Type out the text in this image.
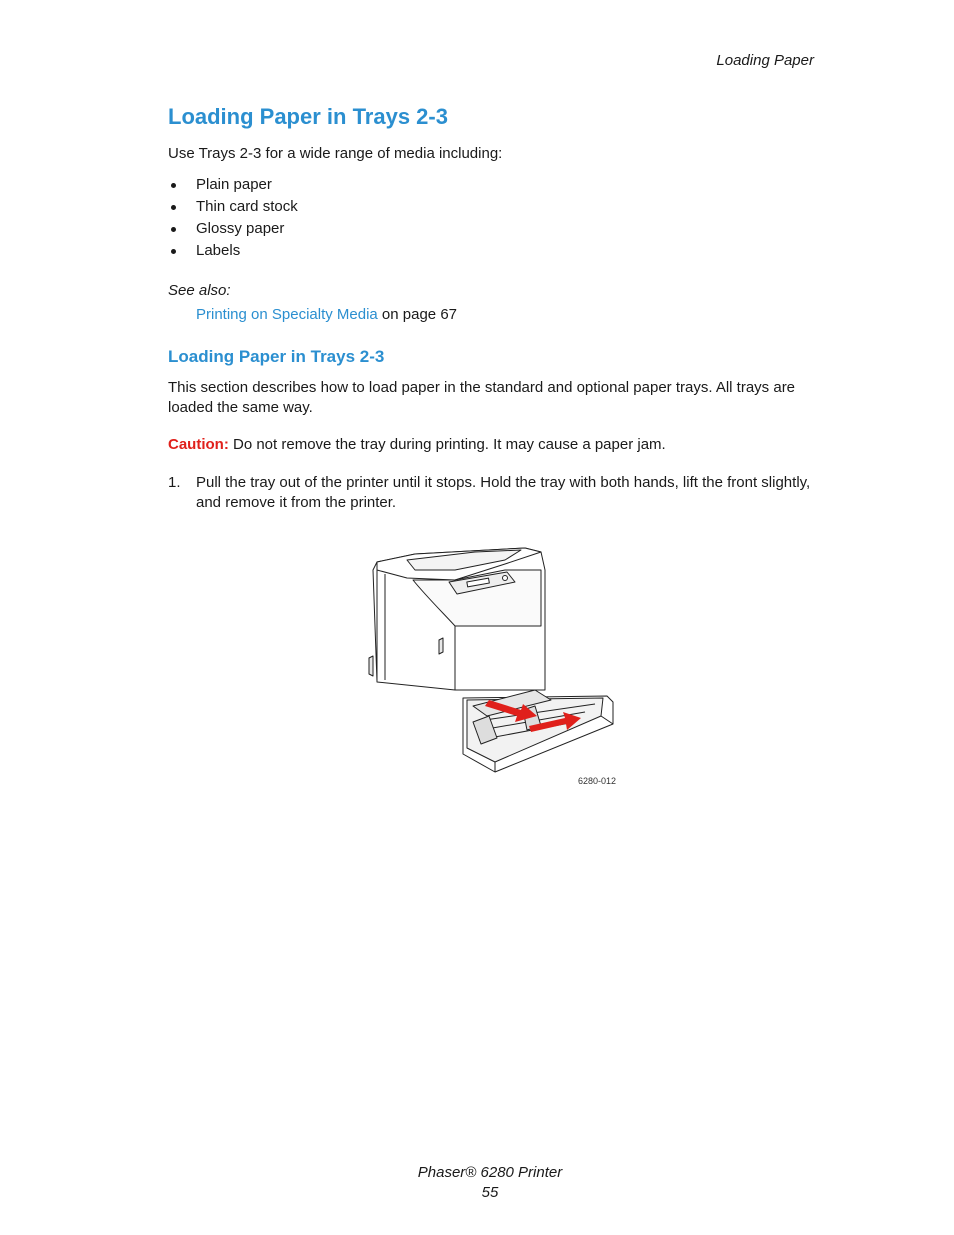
Loading Paper
Loading Paper in Trays 2-3

Use Trays 2-3 for a wide range of media including:

Plain paper
Thin card stock
Glossy paper
Labels

See also:

Printing on Specialty Media on page 67
Loading Paper in Trays 2-3

This section describes how to load paper in the standard and optional paper trays. All trays are loaded the same way.

Caution: Do not remove the tray during printing. It may cause a paper jam.

1. Pull the tray out of the printer until it stops. Hold the tray with both hands, lift the front slightly, and remove it from the printer.
6280-012
Phaser® 6280 Printer
55
